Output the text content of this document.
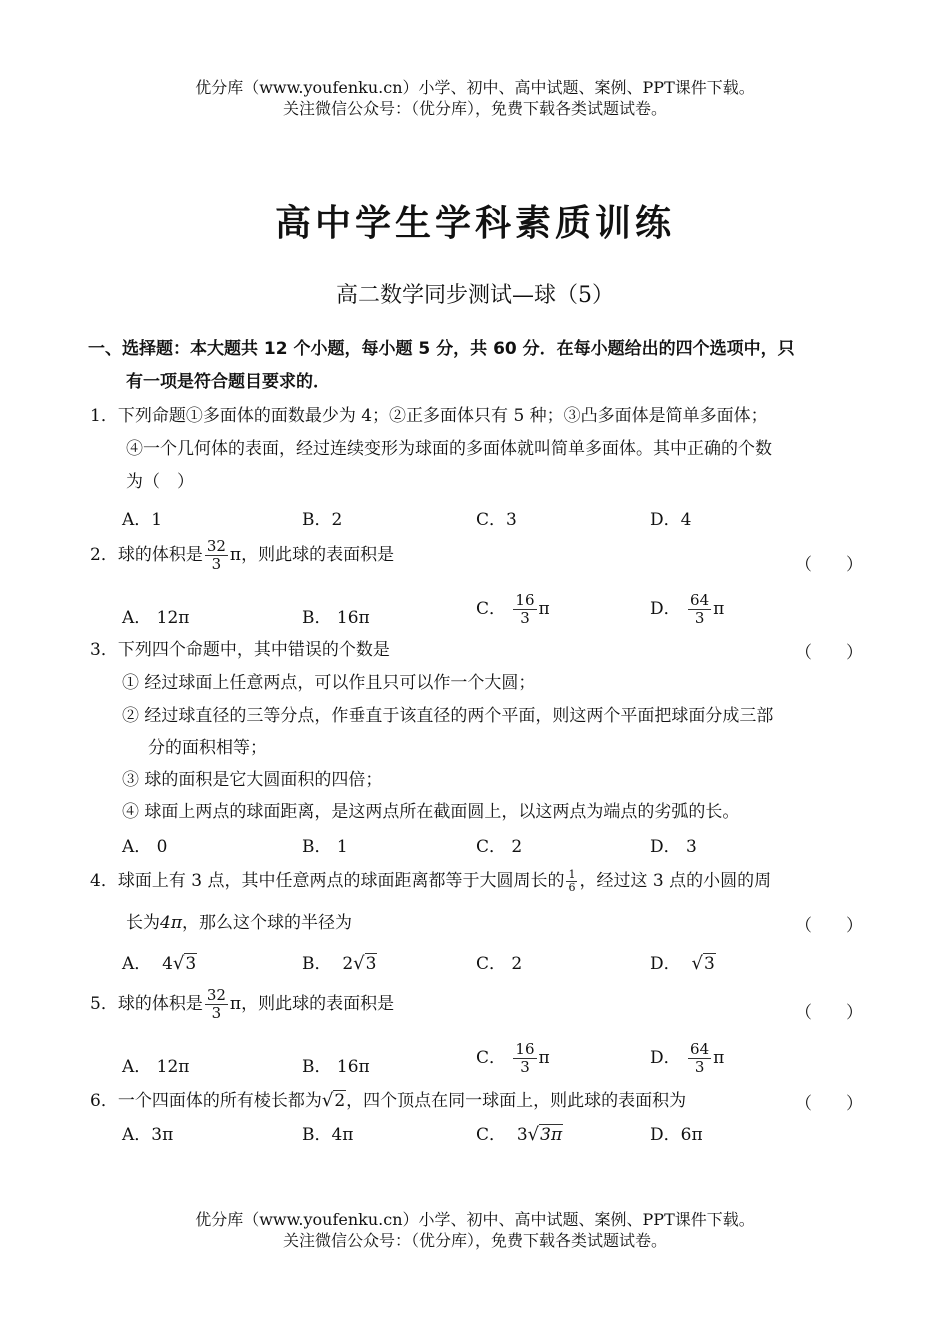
优分库（www.youfenku.cn）小学、初中、高中试题、案例、PPT课件下载。
关注微信公众号：（优分库），免费下载各类试题试卷。
高中学生学科素质训练
高二数学同步测试—球（5）
一、选择题：本大题共 12 个小题，每小题 5 分，共 60 分．在每小题给出的四个选项中，只
有一项是符合题目要求的．
1．下列命题①多面体的面数最少为 4；②正多面体只有 5 种；③凸多面体是简单多面体；
④一个几何体的表面，经过连续变形为球面的多面体就叫简单多面体。其中正确的个数
为（　）
A．1	B．2	C．3	D．4
2．球的体积是 $\frac{32}{3}$ π，则此球的表面积是	（　　）
A． 12π	B． 16π	C． $\frac{16}{3}$ π	D． $\frac{64}{3}$ π
3．下列四个命题中，其中错误的个数是	（　　）
① 经过球面上任意两点，可以作且只可以作一个大圆；
② 经过球直径的三等分点，作垂直于该直径的两个平面，则这两个平面把球面分成三部
分的面积相等；
③ 球的面积是它大圆面积的四倍；
④ 球面上两点的球面距离，是这两点所在截面圆上，以这两点为端点的劣弧的长。
A． 0	B． 1	C． 2	D． 3
4．球面上有 3 点，其中任意两点的球面距离都等于大圆周长的 $\frac{1}{6}$ ，经过这 3 点的小圆的周
长为4π，那么这个球的半径为	（　　）
A． 4√3	B． 2√3	C． 2	D． √3
5．球的体积是 $\frac{32}{3}$ π，则此球的表面积是	（　　）
A． 12π	B． 16π	C． $\frac{16}{3}$ π	D． $\frac{64}{3}$ π
6．一个四面体的所有棱长都为√2，四个顶点在同一球面上，则此球的表面积为	（　　）
A．3π	B．4π	C． 3√3π	D．6π
优分库（www.youfenku.cn）小学、初中、高中试题、案例、PPT课件下载。
关注微信公众号：（优分库），免费下载各类试题试卷。
